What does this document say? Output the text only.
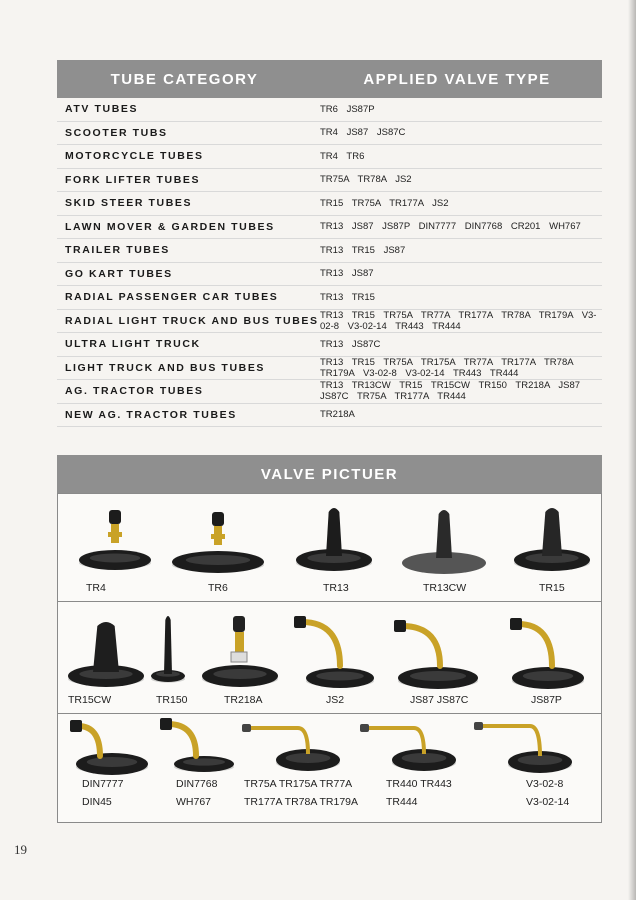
TUBE CATEGORY	APPLIED VALVE TYPE
ATV TUBES	TR6 JS87P
SCOOTER TUBS	TR4 JS87 JS87C
MOTORCYCLE TUBES	TR4 TR6
FORK LIFTER TUBES	TR75A TR78A JS2
SKID STEER TUBES	TR15 TR75A TR177A JS2
LAWN MOVER & GARDEN TUBES	TR13 JS87 JS87P DIN7777 DIN7768 CR201 WH767
TRAILER TUBES	TR13 TR15 JS87
GO KART TUBES	TR13 JS87
RADIAL PASSENGER CAR TUBES	TR13 TR15
RADIAL LIGHT TRUCK AND BUS TUBES TR13 TR15 TR75A TR77A TR177A TR78A TR179A V3-02-8 V3-02-14 TR443 TR444
ULTRA LIGHT TRUCK	TR13 JS87C
LIGHT TRUCK AND BUS TUBES	TR13 TR15 TR75A TR175A TR77A TR177A TR78A TR179A V3-02-8 V3-02-14 TR443 TR444
AG. TRACTOR TUBES	TR13 TR13CW TR15 TR15CW TR150 TR218A JS87 JS87C TR75A TR177A TR444
NEW AG. TRACTOR TUBES	TR218A
VALVE PICTUER
TR4	TR6	TR13	TR13CW	TR15
TR15CW	TR150	TR218A	JS2	JS87 JS87C	JS87P
DIN7777
DIN45
DIN7768
WH767
TR75A TR175A TR77A
TR177A TR78A TR179A
TR440 TR443
TR444
V3-02-8
V3-02-14
19
